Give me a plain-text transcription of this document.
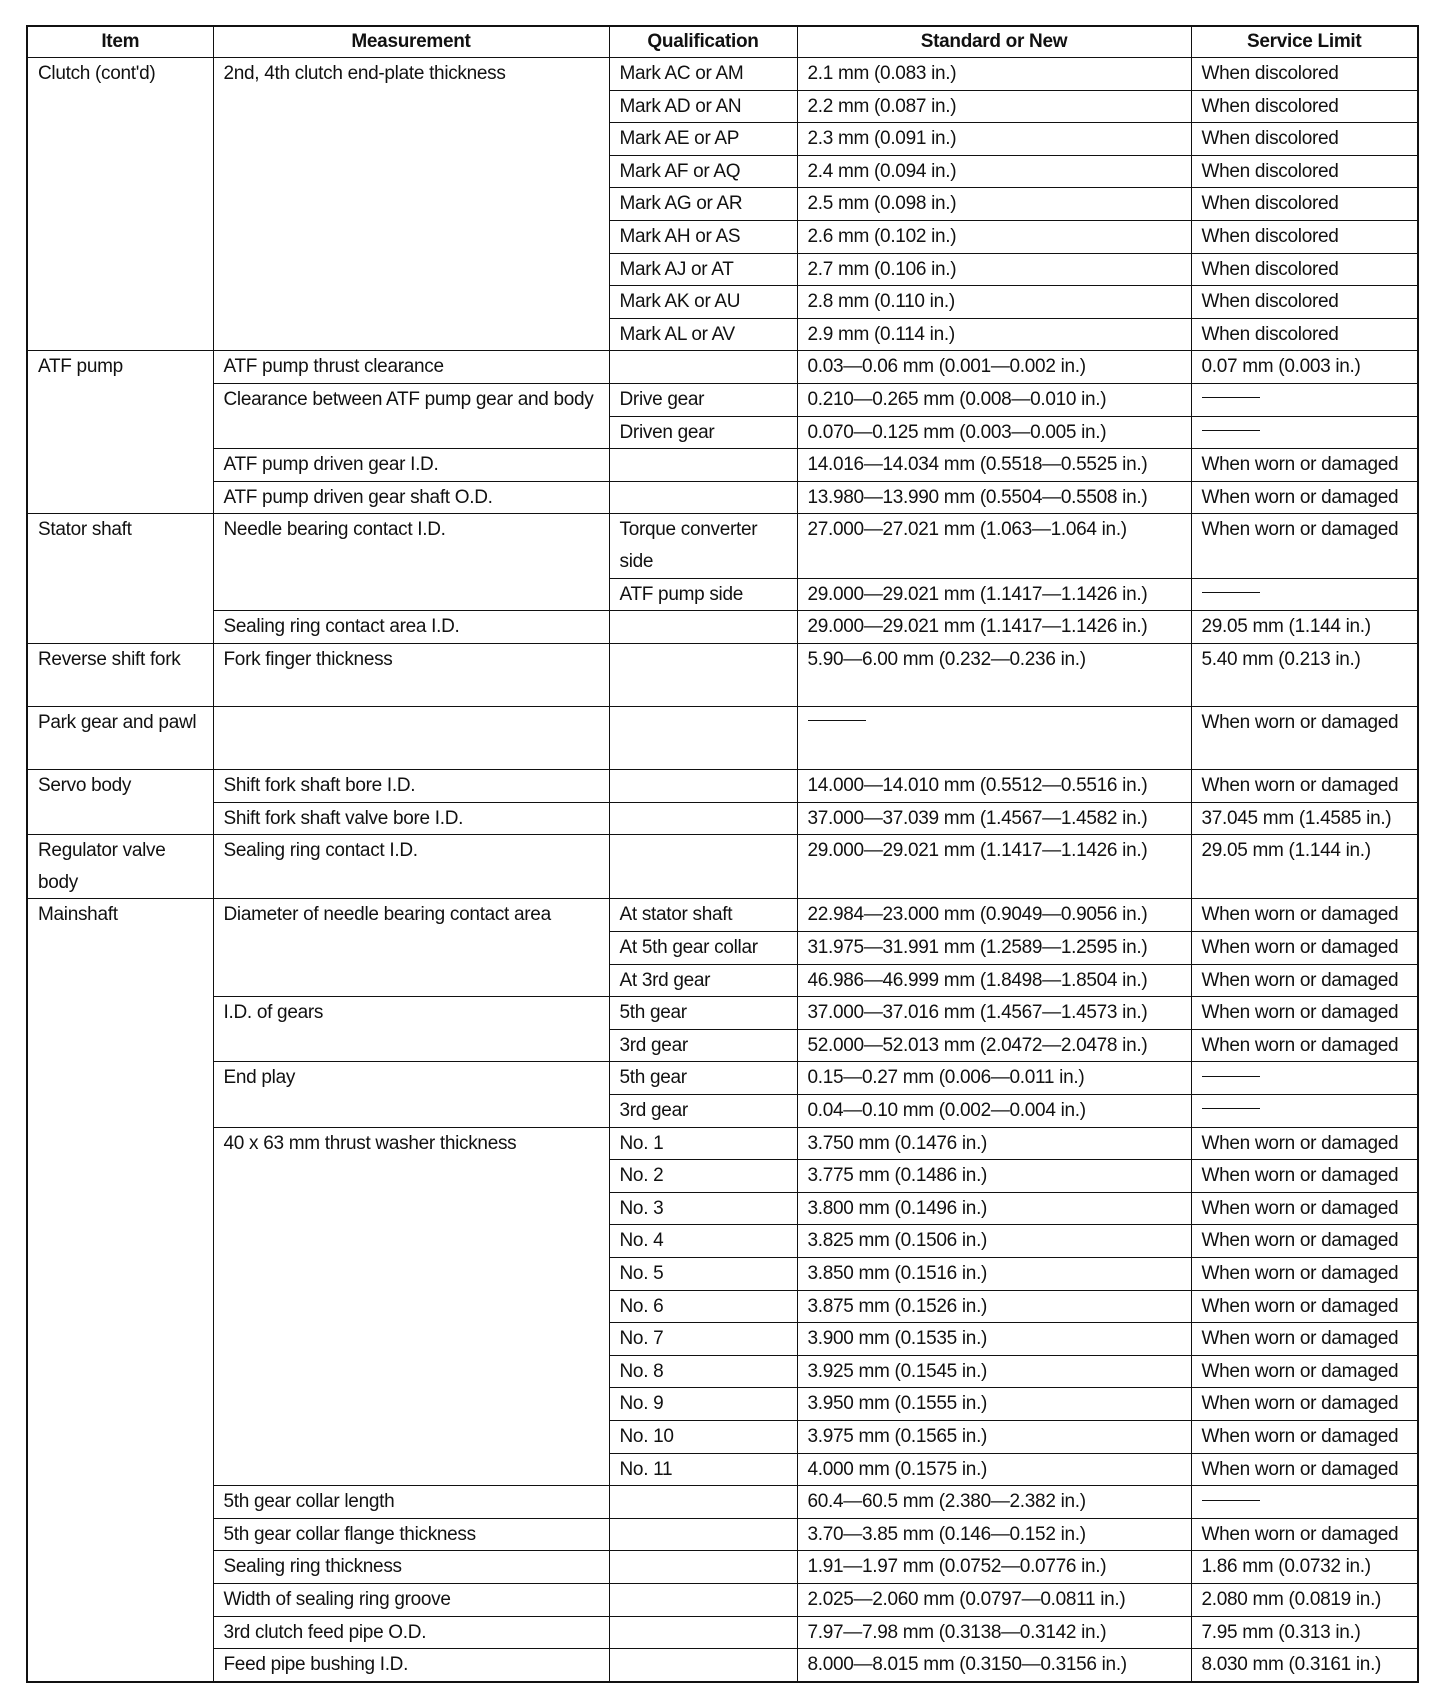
Item	Measurement	Qualification	Standard or New	Service Limit
Clutch (cont'd)	2nd, 4th clutch end-plate thickness	Mark AC or AM	2.1 mm (0.083 in.)	When discolored
		Mark AD or AN	2.2 mm (0.087 in.)	When discolored
		Mark AE or AP	2.3 mm (0.091 in.)	When discolored
		Mark AF or AQ	2.4 mm (0.094 in.)	When discolored
		Mark AG or AR	2.5 mm (0.098 in.)	When discolored
		Mark AH or AS	2.6 mm (0.102 in.)	When discolored
		Mark AJ or AT	2.7 mm (0.106 in.)	When discolored
		Mark AK or AU	2.8 mm (0.110 in.)	When discolored
		Mark AL or AV	2.9 mm (0.114 in.)	When discolored
ATF pump	ATF pump thrust clearance		0.03—0.06 mm (0.001—0.002 in.)	0.07 mm (0.003 in.)
	Clearance between ATF pump gear and body	Drive gear	0.210—0.265 mm (0.008—0.010 in.)	
		Driven gear	0.070—0.125 mm (0.003—0.005 in.)	
	ATF pump driven gear I.D.		14.016—14.034 mm (0.5518—0.5525 in.)	When worn or damaged
	ATF pump driven gear shaft O.D.		13.980—13.990 mm (0.5504—0.5508 in.)	When worn or damaged
Stator shaft	Needle bearing contact I.D.	Torque converter side	27.000—27.021 mm (1.063—1.064 in.)	When worn or damaged
		ATF pump side	29.000—29.021 mm (1.1417—1.1426 in.)	
	Sealing ring contact area I.D.		29.000—29.021 mm (1.1417—1.1426 in.)	29.05 mm (1.144 in.)
Reverse shift fork	Fork finger thickness		5.90—6.00 mm (0.232—0.236 in.)	5.40 mm (0.213 in.)
Park gear and pawl				When worn or damaged
Servo body	Shift fork shaft bore I.D.		14.000—14.010 mm (0.5512—0.5516 in.)	When worn or damaged
	Shift fork shaft valve bore I.D.		37.000—37.039 mm (1.4567—1.4582 in.)	37.045 mm (1.4585 in.)
Regulator valve body	Sealing ring contact I.D.		29.000—29.021 mm (1.1417—1.1426 in.)	29.05 mm (1.144 in.)
Mainshaft	Diameter of needle bearing contact area	At stator shaft	22.984—23.000 mm (0.9049—0.9056 in.)	When worn or damaged
		At 5th gear collar	31.975—31.991 mm (1.2589—1.2595 in.)	When worn or damaged
		At 3rd gear	46.986—46.999 mm (1.8498—1.8504 in.)	When worn or damaged
	I.D. of gears	5th gear	37.000—37.016 mm (1.4567—1.4573 in.)	When worn or damaged
		3rd gear	52.000—52.013 mm (2.0472—2.0478 in.)	When worn or damaged
	End play	5th gear	0.15—0.27 mm (0.006—0.011 in.)	
		3rd gear	0.04—0.10 mm (0.002—0.004 in.)	
	40 x 63 mm thrust washer thickness	No. 1	3.750 mm (0.1476 in.)	When worn or damaged
		No. 2	3.775 mm (0.1486 in.)	When worn or damaged
		No. 3	3.800 mm (0.1496 in.)	When worn or damaged
		No. 4	3.825 mm (0.1506 in.)	When worn or damaged
		No. 5	3.850 mm (0.1516 in.)	When worn or damaged
		No. 6	3.875 mm (0.1526 in.)	When worn or damaged
		No. 7	3.900 mm (0.1535 in.)	When worn or damaged
		No. 8	3.925 mm (0.1545 in.)	When worn or damaged
		No. 9	3.950 mm (0.1555 in.)	When worn or damaged
		No. 10	3.975 mm (0.1565 in.)	When worn or damaged
		No. 11	4.000 mm (0.1575 in.)	When worn or damaged
	5th gear collar length		60.4—60.5 mm (2.380—2.382 in.)	
	5th gear collar flange thickness		3.70—3.85 mm (0.146—0.152 in.)	When worn or damaged
	Sealing ring thickness		1.91—1.97 mm (0.0752—0.0776 in.)	1.86 mm (0.0732 in.)
	Width of sealing ring groove		2.025—2.060 mm (0.0797—0.0811 in.)	2.080 mm (0.0819 in.)
	3rd clutch feed pipe O.D.		7.97—7.98 mm (0.3138—0.3142 in.)	7.95 mm (0.313 in.)
	Feed pipe bushing I.D.		8.000—8.015 mm (0.3150—0.3156 in.)	8.030 mm (0.3161 in.)
